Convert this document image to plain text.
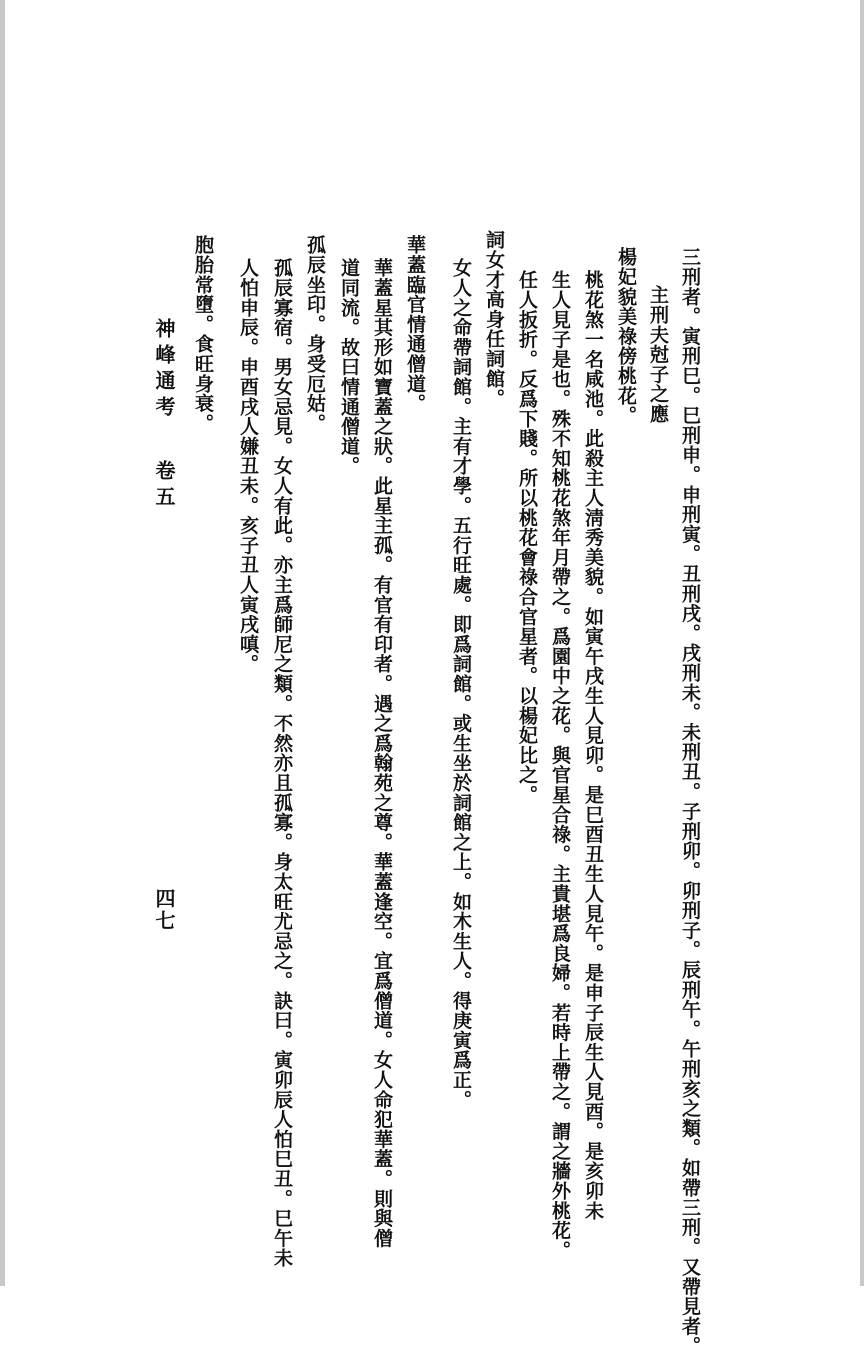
三刑者。寅刑巳。巳刑申。申刑寅。丑刑戌。戌刑未。未刑丑。子刑卯。卯刑子。辰刑午。午刑亥之類。如帶三刑。又帶見者。
主刑夫尅子之應
楊妃貌美祿傍桃花。
桃花煞一名咸池。此殺主人淸秀美貌。如寅午戌生人見卯。是巳酉丑生人見午。是申子辰生人見酉。是亥卯未
生人見子是也。殊不知桃花煞年月帶之。爲園中之花。與官星合祿。主貴堪爲良婦。若時上帶之。謂之牆外桃花。
任人扳折。反爲下賤。所以桃花會祿合官星者。以楊妃比之。
詞女才高身任詞館。
女人之命帶詞館。主有才學。五行旺處。即爲詞館。或生坐於詞館之上。如木生人。得庚寅爲正。
華蓋臨官情通僧道。
華蓋星其形如寶蓋之狀。此星主孤。有官有印者。遇之爲翰苑之尊。華蓋逢空。宜爲僧道。女人命犯華蓋。則與僧
道同流。故曰情通僧道。
孤辰坐印。身受厄姑。
孤辰寡宿。男女忌見。女人有此。亦主爲師尼之類。不然亦且孤寡。身太旺尤忌之。訣曰。寅卯辰人怕巳丑。巳午未
人怕申辰。申酉戌人嫌丑未。亥子丑人寅戌嗔。
胞胎常墮。食旺身衰。
神峰通考
卷五
四七
